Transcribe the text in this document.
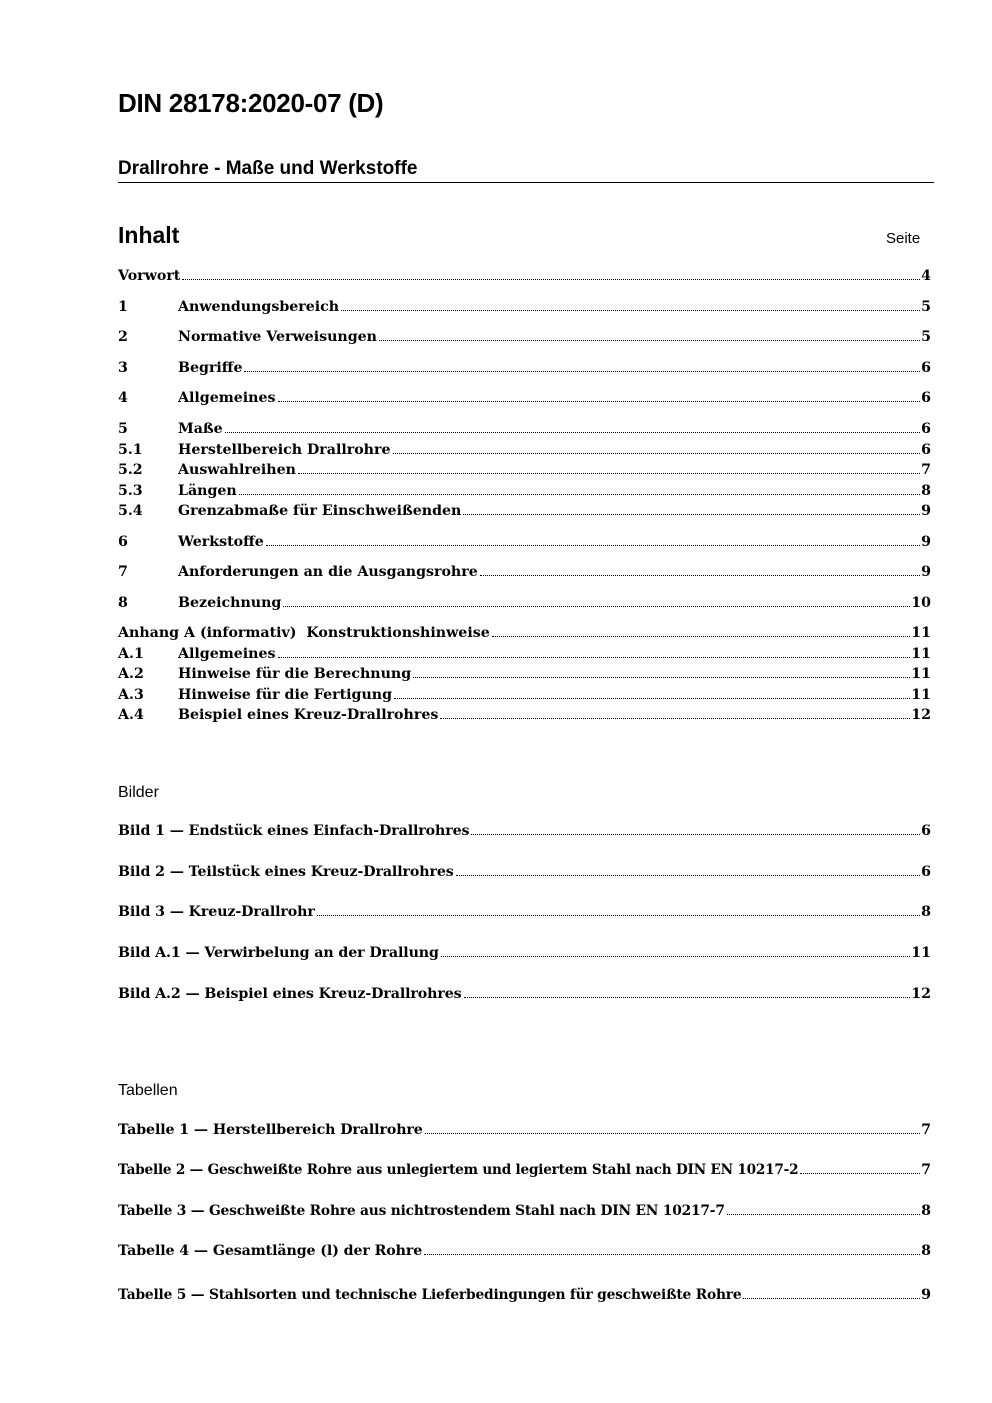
DIN 28178:2020-07 (D)
Drallrohre - Maße und Werkstoffe
Inhalt	Seite
Vorwort	4
1	Anwendungsbereich	5
2	Normative Verweisungen	5
3	Begriffe	6
4	Allgemeines	6
5	Maße	6
5.1	Herstellbereich Drallrohre	6
5.2	Auswahlreihen	7
5.3	Längen	8
5.4	Grenzabmaße für Einschweißenden	9
6	Werkstoffe	9
7	Anforderungen an die Ausgangsrohre	9
8	Bezeichnung	10
Anhang A (informativ)  Konstruktionshinweise	11
A.1	Allgemeines	11
A.2	Hinweise für die Berechnung	11
A.3	Hinweise für die Fertigung	11
A.4	Beispiel eines Kreuz-Drallrohres	12
Bilder
Bild 1 — Endstück eines Einfach-Drallrohres	6
Bild 2 — Teilstück eines Kreuz-Drallrohres	6
Bild 3 — Kreuz-Drallrohr	8
Bild A.1 — Verwirbelung an der Drallung	11
Bild A.2 — Beispiel eines Kreuz-Drallrohres	12
Tabellen
Tabelle 1 — Herstellbereich Drallrohre	7
Tabelle 2 — Geschweißte Rohre aus unlegiertem und legiertem Stahl nach DIN EN 10217-2	7
Tabelle 3 — Geschweißte Rohre aus nichtrostendem Stahl nach DIN EN 10217-7	8
Tabelle 4 — Gesamtlänge (l) der Rohre	8
Tabelle 5 — Stahlsorten und technische Lieferbedingungen für geschweißte Rohre	9
